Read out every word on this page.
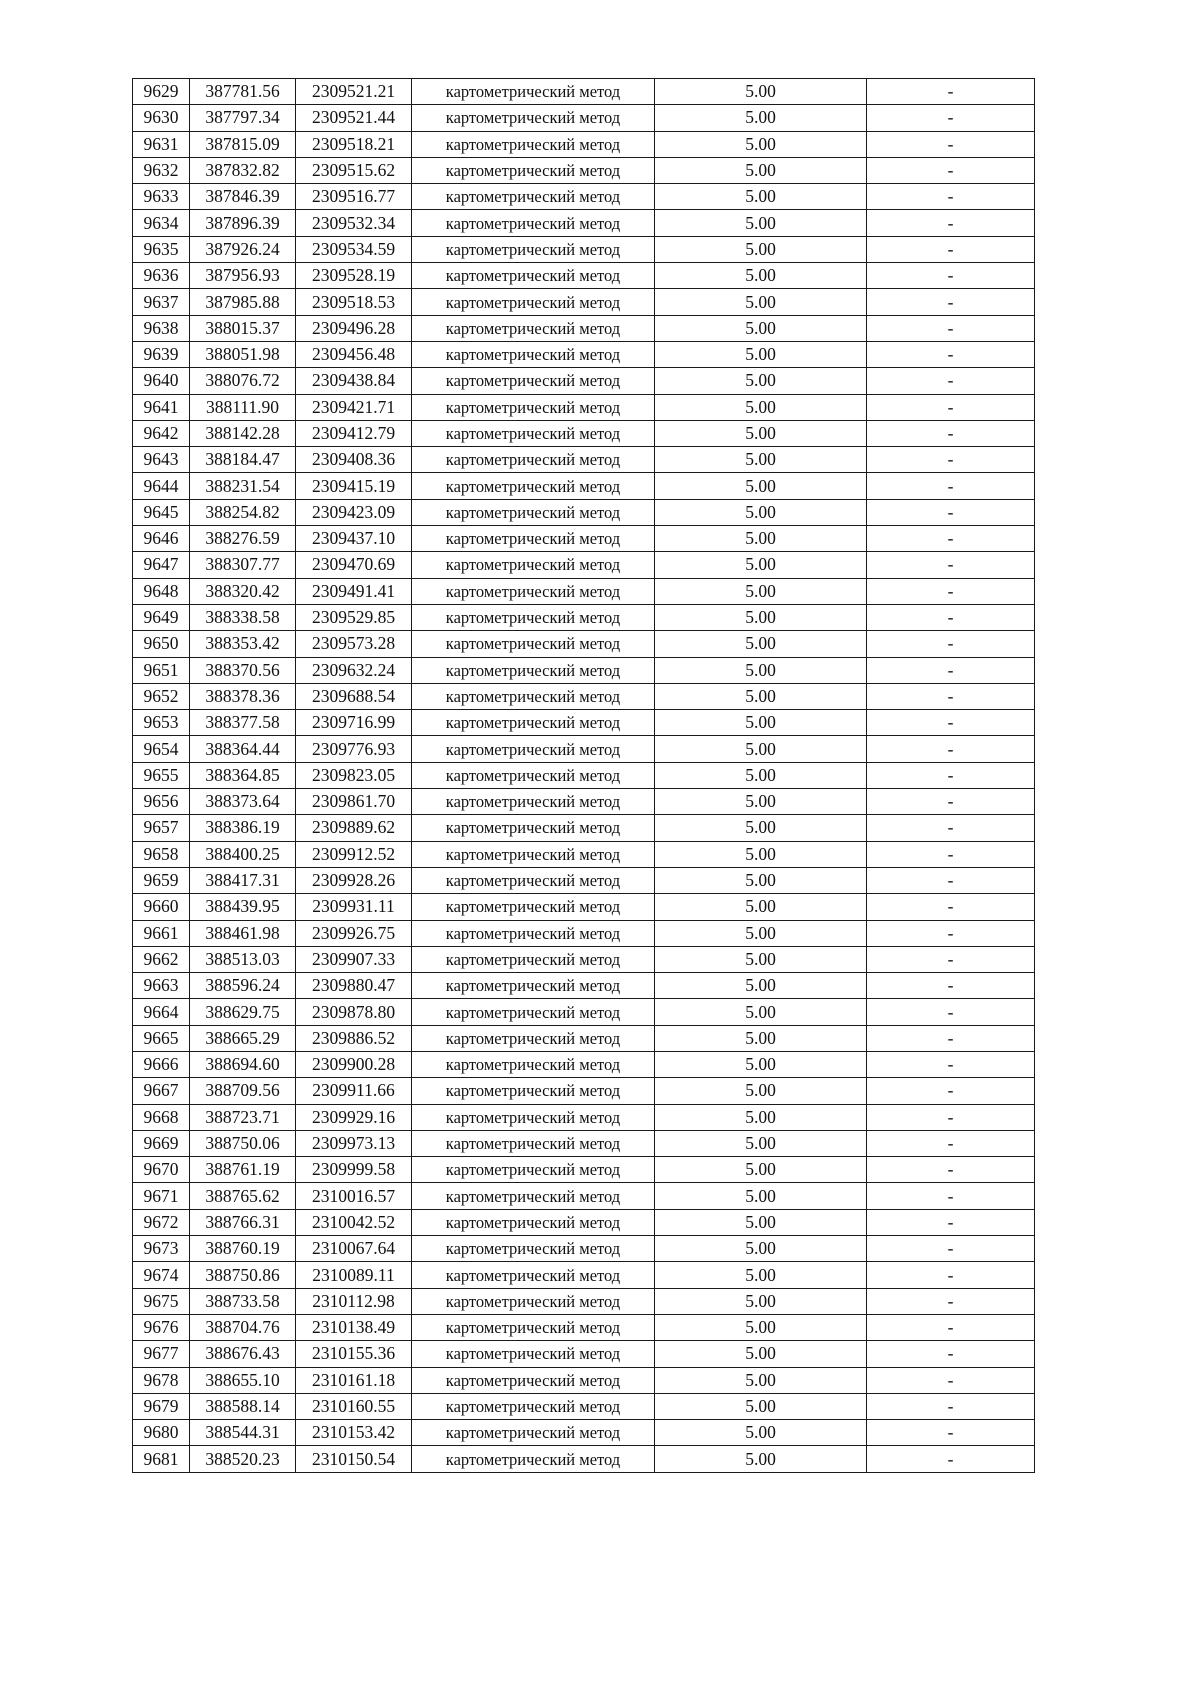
9629	387781.56	2309521.21	картометрический метод	5.00	-
9630	387797.34	2309521.44	картометрический метод	5.00	-
9631	387815.09	2309518.21	картометрический метод	5.00	-
9632	387832.82	2309515.62	картометрический метод	5.00	-
9633	387846.39	2309516.77	картометрический метод	5.00	-
9634	387896.39	2309532.34	картометрический метод	5.00	-
9635	387926.24	2309534.59	картометрический метод	5.00	-
9636	387956.93	2309528.19	картометрический метод	5.00	-
9637	387985.88	2309518.53	картометрический метод	5.00	-
9638	388015.37	2309496.28	картометрический метод	5.00	-
9639	388051.98	2309456.48	картометрический метод	5.00	-
9640	388076.72	2309438.84	картометрический метод	5.00	-
9641	388111.90	2309421.71	картометрический метод	5.00	-
9642	388142.28	2309412.79	картометрический метод	5.00	-
9643	388184.47	2309408.36	картометрический метод	5.00	-
9644	388231.54	2309415.19	картометрический метод	5.00	-
9645	388254.82	2309423.09	картометрический метод	5.00	-
9646	388276.59	2309437.10	картометрический метод	5.00	-
9647	388307.77	2309470.69	картометрический метод	5.00	-
9648	388320.42	2309491.41	картометрический метод	5.00	-
9649	388338.58	2309529.85	картометрический метод	5.00	-
9650	388353.42	2309573.28	картометрический метод	5.00	-
9651	388370.56	2309632.24	картометрический метод	5.00	-
9652	388378.36	2309688.54	картометрический метод	5.00	-
9653	388377.58	2309716.99	картометрический метод	5.00	-
9654	388364.44	2309776.93	картометрический метод	5.00	-
9655	388364.85	2309823.05	картометрический метод	5.00	-
9656	388373.64	2309861.70	картометрический метод	5.00	-
9657	388386.19	2309889.62	картометрический метод	5.00	-
9658	388400.25	2309912.52	картометрический метод	5.00	-
9659	388417.31	2309928.26	картометрический метод	5.00	-
9660	388439.95	2309931.11	картометрический метод	5.00	-
9661	388461.98	2309926.75	картометрический метод	5.00	-
9662	388513.03	2309907.33	картометрический метод	5.00	-
9663	388596.24	2309880.47	картометрический метод	5.00	-
9664	388629.75	2309878.80	картометрический метод	5.00	-
9665	388665.29	2309886.52	картометрический метод	5.00	-
9666	388694.60	2309900.28	картометрический метод	5.00	-
9667	388709.56	2309911.66	картометрический метод	5.00	-
9668	388723.71	2309929.16	картометрический метод	5.00	-
9669	388750.06	2309973.13	картометрический метод	5.00	-
9670	388761.19	2309999.58	картометрический метод	5.00	-
9671	388765.62	2310016.57	картометрический метод	5.00	-
9672	388766.31	2310042.52	картометрический метод	5.00	-
9673	388760.19	2310067.64	картометрический метод	5.00	-
9674	388750.86	2310089.11	картометрический метод	5.00	-
9675	388733.58	2310112.98	картометрический метод	5.00	-
9676	388704.76	2310138.49	картометрический метод	5.00	-
9677	388676.43	2310155.36	картометрический метод	5.00	-
9678	388655.10	2310161.18	картометрический метод	5.00	-
9679	388588.14	2310160.55	картометрический метод	5.00	-
9680	388544.31	2310153.42	картометрический метод	5.00	-
9681	388520.23	2310150.54	картометрический метод	5.00	-
